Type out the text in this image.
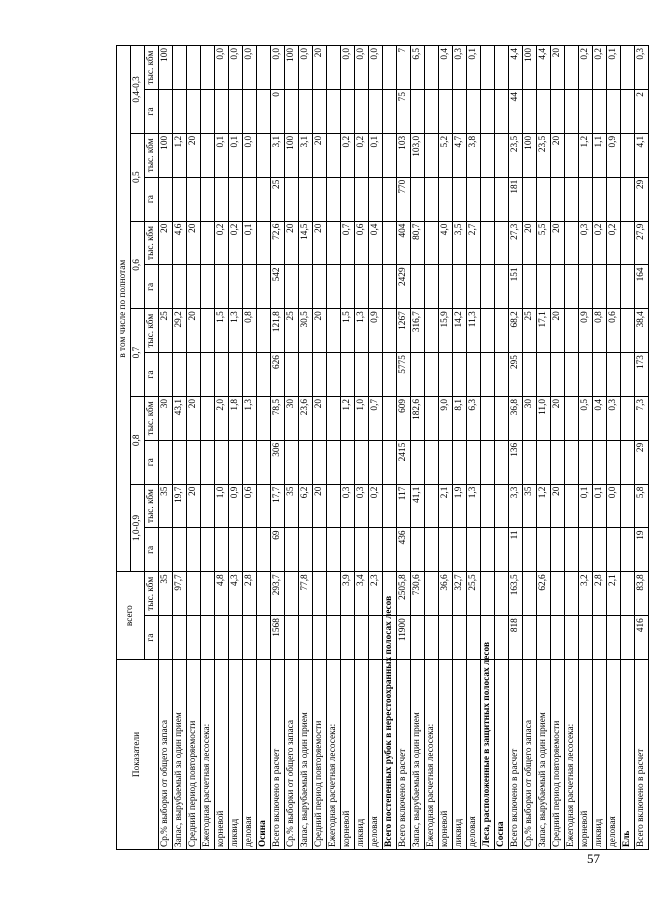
Показатели	всего		в том числе по полнотам											
			1,0-0,9		0,8		0,7		0,6		0,5		0,4-0,3	
	га	тыс. кбм	га	тыс. кбм	га	тыс. кбм	га	тыс. кбм	га	тыс. кбм	га	тыс. кбм	га	тыс. кбм
Ср.% выборки от общего запаса		35		35		30		25		20		100		100
Запас, вырубаемый за один прием		97,7		19,7		43,1		29,2		4,6		1,2		
Средний период повторяемости				20		20		20		20		20		
Ежегодная расчетная лесосека:														
корневой		4,8		1,0		2,0		1,5		0,2		0,1		0,0
ликвид		4,3		0,9		1,8		1,3		0,2		0,1		0,0
деловая		2,8		0,6		1,3		0,8		0,1		0,0		0,0
Осина														
Всего включено в расчет	1568	293,7	69	17,7	306	78,5	626	121,8	542	72,6	25	3,1	0	0,0
Ср.% выборки от общего запаса				35		30		25		20		100		100
Запас, вырубаемый за один прием		77,8		6,2		23,6		30,5		14,5		3,1		0,0
Средний период повторяемости				20		20		20		20		20		20
Ежегодная расчетная лесосека:														
корневой		3,9		0,3		1,2		1,5		0,7		0,2		0,0
ликвид		3,4		0,3		1,0		1,3		0,6		0,2		0,0
деловая		2,3		0,2		0,7		0,9		0,4		0,1		0,0
Всего постепенных рубок в нерестоохранных полосах лесов														
Всего включено в расчет	11900	2505,8	436	117	2415	609	5775	1267	2429	404	770	103	75	7
Запас, вырубаемый за один прием		730,6		41,1		182,6		316,7		80,7		103,0		6,5
Ежегодная расчетная лесосека:														
корневой		36,6		2,1		9,0		15,9		4,0		5,2		0,4
ликвид		32,7		1,9		8,1		14,2		3,5		4,7		0,3
деловая		25,5		1,3		6,3		11,3		2,7		3,8		0,1
Леса, расположенные в защитных полосах лесов														
Сосна														
Всего включено в расчет	818	163,5	11	3,3	136	36,8	295	68,2	151	27,3	181	23,5	44	4,4
Ср.% выборки от общего запаса				35		30		25		20		100		100
Запас, вырубаемый за один прием		62,6		1,2		11,0		17,1		5,5		23,5		4,4
Средний период повторяемости				20		20		20		20		20		20
Ежегодная расчетная лесосека:														
корневой		3,2		0,1		0,5		0,9		0,3		1,2		0,2
ликвид		2,8		0,1		0,4		0,8		0,2		1,1		0,2
деловая		2,1		0,0		0,3		0,6		0,2		0,9		0,1
Ель														
Всего включено в расчет	416	83,8	19	5,8	29	7,3	173	38,4	164	27,9	29	4,1	2	0,3
57
